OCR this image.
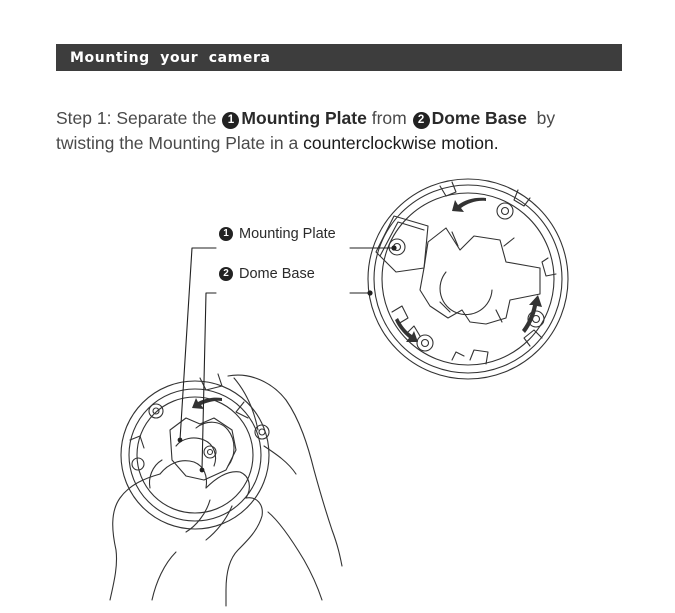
Mounting your camera
Step 1: Separate the 1 Mounting Plate from 2 Dome Base by
twisting the Mounting Plate in a counterclockwise motion.
1 Mounting Plate
2 Dome Base
